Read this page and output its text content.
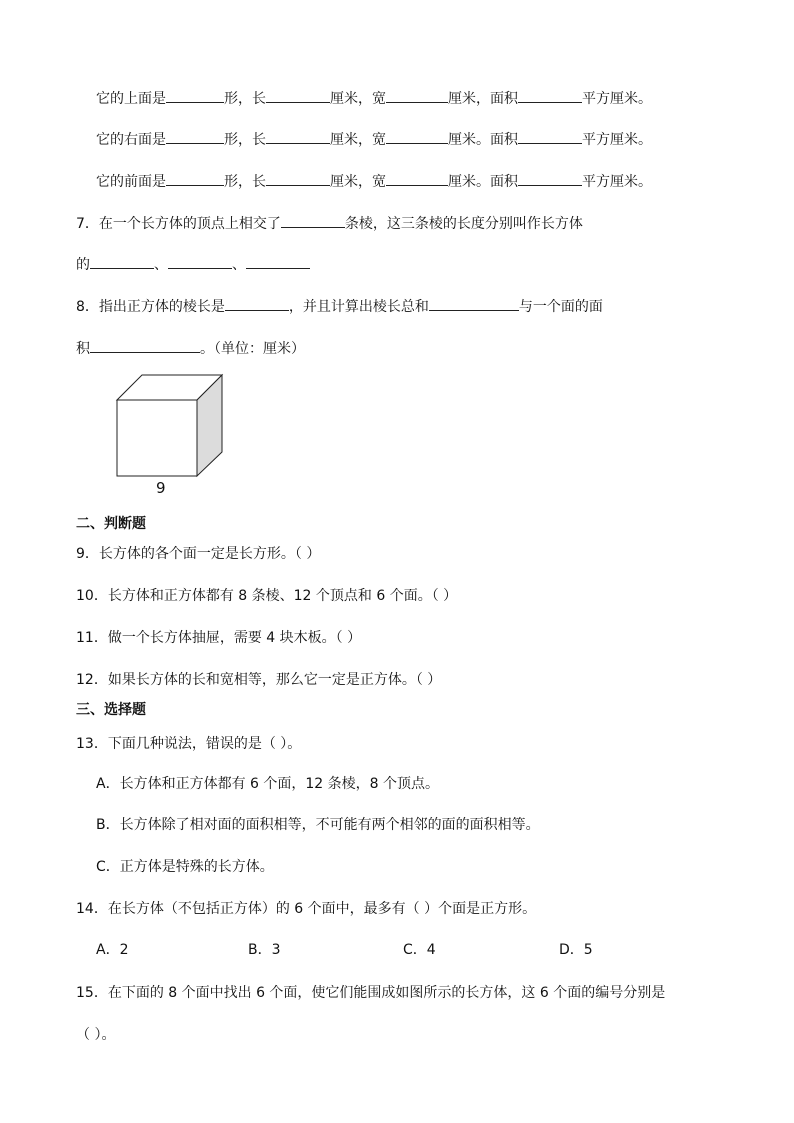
它的上面是	形，长	厘米，宽	厘米，面积	平方厘米。
它的右面是	形，长	厘米，宽	厘米。面积	平方厘米。
它的前面是	形，长	厘米，宽	厘米。面积	平方厘米。
7．在一个长方体的顶点上相交了	条棱，这三条棱的长度分别叫作长方体
的	、	、
8．指出正方体的棱长是	，并且计算出棱长总和	与一个面的面
积	。（单位：厘米）
9
二、判断题
9．长方体的各个面一定是长方形。（ ）
10．长方体和正方体都有 8 条棱、12 个顶点和 6 个面。（ ）
11．做一个长方体抽屉，需要 4 块木板。（ ）
12．如果长方体的长和宽相等，那么它一定是正方体。（ ）
三、选择题
13．下面几种说法，错误的是（ ）。
A．长方体和正方体都有 6 个面，12 条棱，8 个顶点。
B．长方体除了相对面的面积相等，不可能有两个相邻的面的面积相等。
C．正方体是特殊的长方体。
14．在长方体（不包括正方体）的 6 个面中，最多有（ ）个面是正方形。
A．2	B．3	C．4	D．5
15．在下面的 8 个面中找出 6 个面，使它们能围成如图所示的长方体，这 6 个面的编号分别是
（ ）。
